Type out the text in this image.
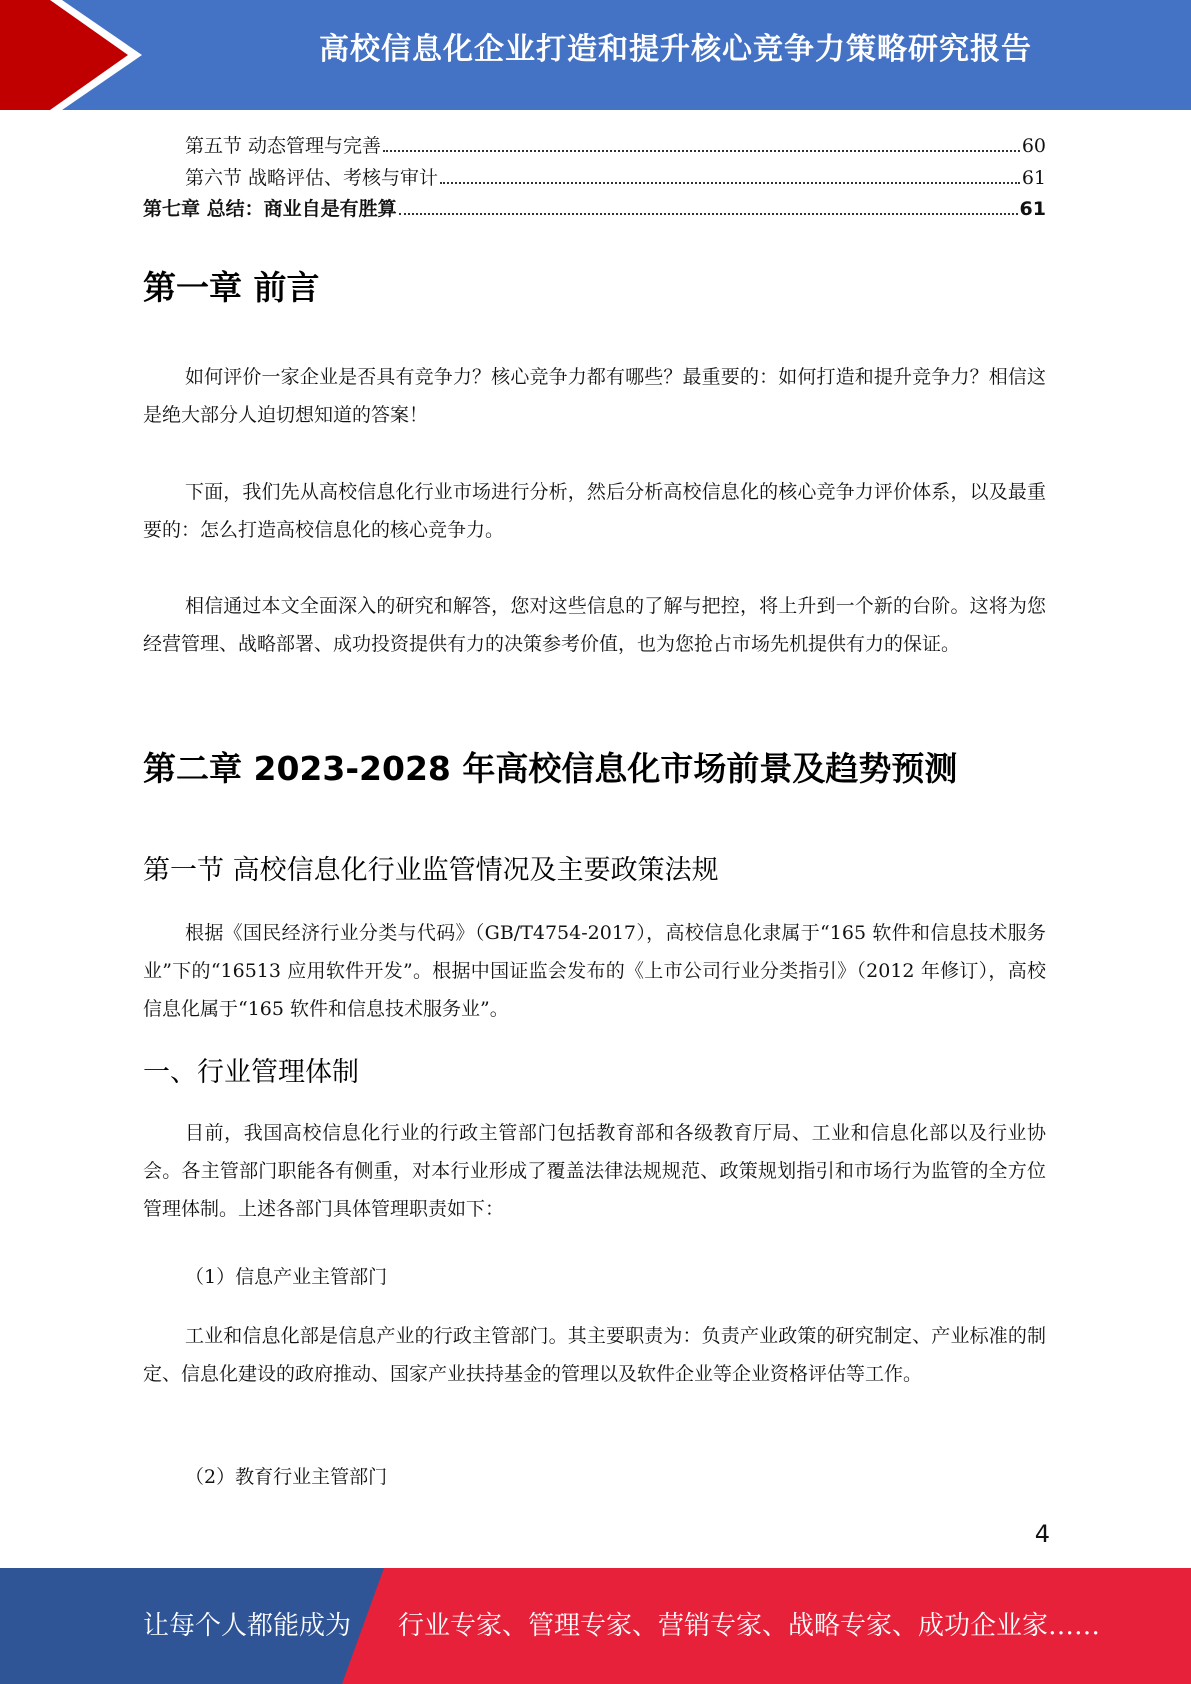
高校信息化企业打造和提升核心竞争力策略研究报告
第五节 动态管理与完善	60
第六节 战略评估、考核与审计	61
第七章 总结：商业自是有胜算	61
第一章 前言

如何评价一家企业是否具有竞争力？核心竞争力都有哪些？最重要的：如何打造和提升竞争力？相信这是绝大部分人迫切想知道的答案！

下面，我们先从高校信息化行业市场进行分析，然后分析高校信息化的核心竞争力评价体系，以及最重要的：怎么打造高校信息化的核心竞争力。

相信通过本文全面深入的研究和解答，您对这些信息的了解与把控，将上升到一个新的台阶。这将为您经营管理、战略部署、成功投资提供有力的决策参考价值，也为您抢占市场先机提供有力的保证。

第二章 2023-2028 年高校信息化市场前景及趋势预测
第一节 高校信息化行业监管情况及主要政策法规

根据《国民经济行业分类与代码》（GB/T4754-2017），高校信息化隶属于“165 软件和信息技术服务业”下的“16513 应用软件开发”。根据中国证监会发布的《上市公司行业分类指引》（2012 年修订），高校信息化属于“165 软件和信息技术服务业”。

一、行业管理体制

目前，我国高校信息化行业的行政主管部门包括教育部和各级教育厅局、工业和信息化部以及行业协会。各主管部门职能各有侧重，对本行业形成了覆盖法律法规规范、政策规划指引和市场行为监管的全方位管理体制。上述各部门具体管理职责如下：

（1）信息产业主管部门

工业和信息化部是信息产业的行政主管部门。其主要职责为：负责产业政策的研究制定、产业标准的制定、信息化建设的政府推动、国家产业扶持基金的管理以及软件企业等企业资格评估等工作。

（2）教育行业主管部门
4
让每个人都能成为 行业专家、管理专家、营销专家、战略专家、成功企业家……
